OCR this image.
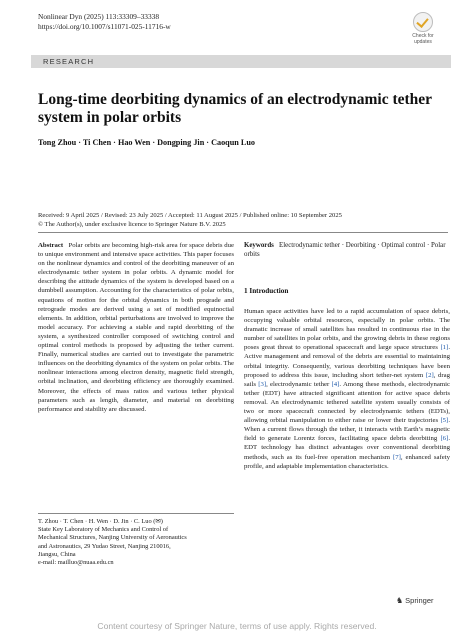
Nonlinear Dyn (2025) 113:33309–33338
https://doi.org/10.1007/s11071-025-11716-w
Check for
updates
RESEARCH
Long-time deorbiting dynamics of an electrodynamic tether system in polar orbits
Tong Zhou · Ti Chen · Hao Wen · Dongping Jin · Caoqun Luo
Received: 9 April 2025 / Revised: 23 July 2025 / Accepted: 11 August 2025 / Published online: 10 September 2025
© The Author(s), under exclusive licence to Springer Nature B.V. 2025
Abstract Polar orbits are becoming high-risk area for space debris due to unique environment and intensive space activities. This paper focuses on the nonlinear dynamics and control of the deorbiting maneuver of an electrodynamic tether system in polar orbits. A dynamic model for describing the attitude dynamics of the system is developed based on a dumbbell assumption. Accounting for the characteristics of polar orbits, equations of motion for the orbital dynamics in both prograde and retrograde modes are derived using a set of modified equinoctial elements. In addition, orbital perturbations are involved to improve the model accuracy. For achieving a stable and rapid deorbiting of the system, a synthesized controller composed of switching control and optimal control methods is proposed by adjusting the tether current. Finally, numerical studies are carried out to investigate the parametric influences on the deorbiting dynamics of the system on polar orbits. The nonlinear interactions among electron density, magnetic field strength, orbital inclination, and deorbiting efficiency are thoroughly examined. Moreover, the effects of mass ratios and various tether physical parameters such as length, diameter, and material on deorbiting performance and stability are discussed.
T. Zhou · T. Chen · H. Wen · D. Jin · C. Luo (✉)
State Key Laboratory of Mechanics and Control of
Mechanical Structures, Nanjing University of Aeronautics
and Astronautics, 29 Yudao Street, Nanjing 210016,
Jiangsu, China
e-mail: mailluo@nuaa.edu.cn
Keywords Electrodynamic tether · Deorbiting · Optimal control · Polar orbits
1 Introduction
Human space activities have led to a rapid accumulation of space debris, occupying valuable orbital resources, especially in polar orbits. The dramatic increase of small satellites has resulted in continuous rise in the number of satellites in polar orbits, and the growing debris in these regions poses great threat to operational spacecraft and large space structures [1]. Active management and removal of the debris are essential to maintaining orbital integrity. Consequently, various deorbiting techniques have been proposed to address this issue, including short tether-net system [2], drag sails [3], electrodynamic tether [4]. Among these methods, electrodynamic tether (EDT) have attracted significant attention for active space debris removal. An electrodynamic tethered satellite system usually consists of two or more spacecraft connected by electrodynamic tethers (EDTs), allowing orbital manipulation to either raise or lower their trajectories [5]. When a current flows through the tether, it interacts with Earth’s magnetic field to generate Lorentz forces, facilitating space debris deorbiting [6]. EDT technology has distinct advantages over conventional deorbiting methods, such as its fuel-free operation mechanism [7], enhanced safety profile, and adaptable implementation characteristics.
♞ Springer
Content courtesy of Springer Nature, terms of use apply. Rights reserved.
